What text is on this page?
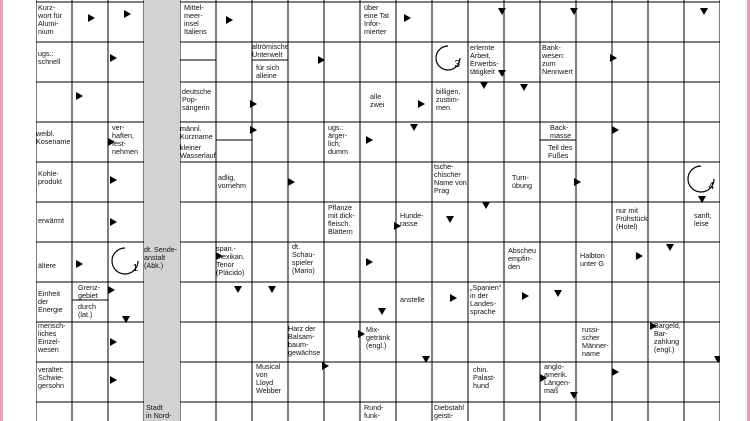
Kurz-
wort für
Alumi-
nium
Mittel-
meer-
insel
Italiens
über
eine Tat
Infor-
mierter
ugs.:
schnell
altrömische
Unterwelt
für sich
alleine
erlernte
Arbeit,
Erwerbs-
tätigkeit
Bank-
wesen:
zum
Nennwert
deutsche
Pop-
sängerin
alle
zwei
billigen,
zustim-
men
weibl.
Kosename
ver-
haften,
fest-
nehmen
männl.
Kurzname
kleiner
Wasserlauf
ugs.:
ärger-
lich;
dumm
Back-
masse
Teil des
Fußes
Kohle-
produkt	adlig,
vornehm
tsche-
chischer
Name von
Prag
Turn-
übung
erwärmt
Pflanze
mit dick-
fleisch.
Blättern
Hunde-
rasse
nur mit
Frühstück
(Hotel)
sanft,
leise
ältere
dt. Sende-
anstalt
(Abk.)
span.-
mexikan.
Tenor
(Plácido)
dt.
Schau-
spieler
(Mario)
Abscheu
empfin-
den
Halbton
unter G
Einheit
der
Energie
Grenz-
gebiet
durch
(lat.)
anstelle
„Spanien“
in der
Landes-
sprache
mensch-
liches
Einzel-
wesen
Harz der
Balsam-
baum-
gewächse
Mix-
getränk
(engl.)
russi-
scher
Männer-
name
Bargeld,
Bar-
zahlung
(engl.)
veraltet:
Schwie-
gersohn
Musical
von
Lloyd
Webber
chin.
Palast-
hund
anglo-
amerik.
Längen-
maß
Stadt
in Nord-
Rund-
funk-
Diebstahl
geisti-
3
4
1
